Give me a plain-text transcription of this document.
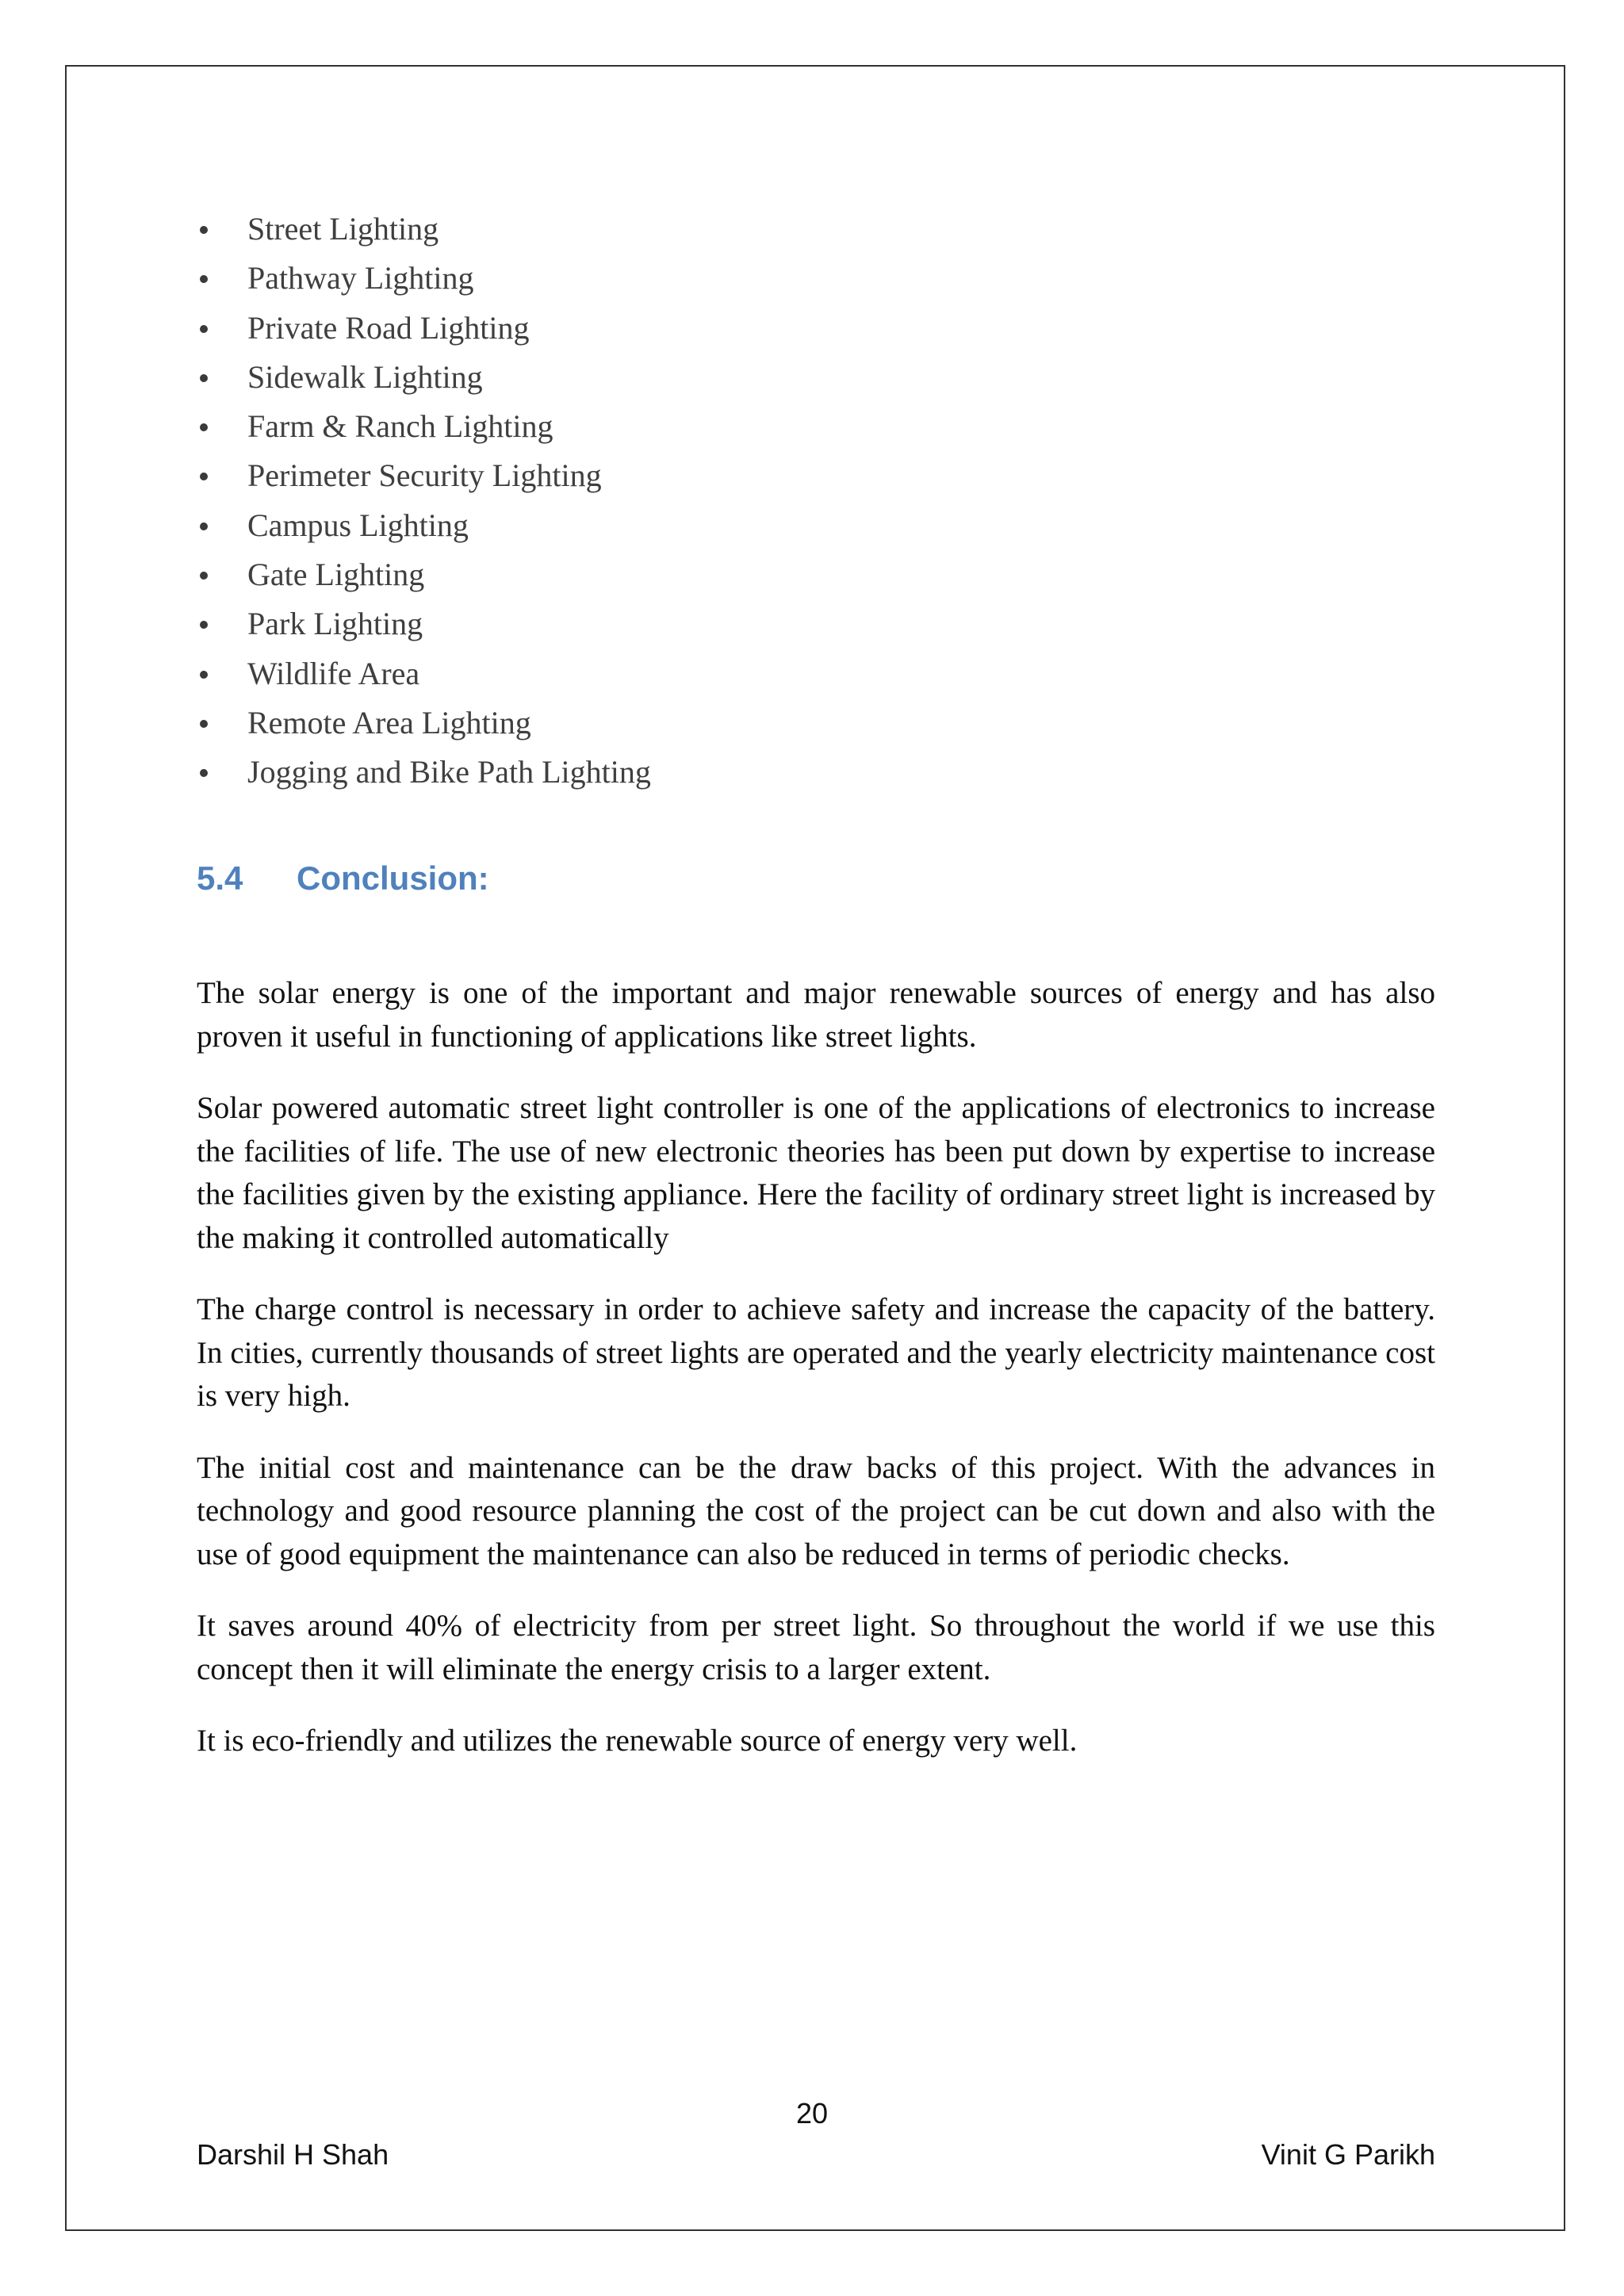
Street Lighting
Pathway Lighting
Private Road Lighting
Sidewalk Lighting
Farm & Ranch Lighting
Perimeter Security Lighting
Campus Lighting
Gate Lighting
Park Lighting
Wildlife Area
Remote Area Lighting
Jogging and Bike Path Lighting
5.4 Conclusion:

The solar energy is one of the important and major renewable sources of energy and has also proven it useful in functioning of applications like street lights.

Solar powered automatic street light controller is one of the applications of electronics to increase the facilities of life. The use of new electronic theories has been put down by expertise to increase the facilities given by the existing appliance. Here the facility of ordinary street light is increased by the making it controlled automatically

The charge control is necessary in order to achieve safety and increase the capacity of the battery. In cities, currently thousands of street lights are operated and the yearly electricity maintenance cost is very high.

The initial cost and maintenance can be the draw backs of this project. With the advances in technology and good resource planning the cost of the project can be cut down and also with the use of good equipment the maintenance can also be reduced in terms of periodic checks.

It saves around 40% of electricity from per street light. So throughout the world if we use this concept then it will eliminate the energy crisis to a larger extent.

It is eco-friendly and utilizes the renewable source of energy very well.

20
Darshil H Shah	Vinit G Parikh
